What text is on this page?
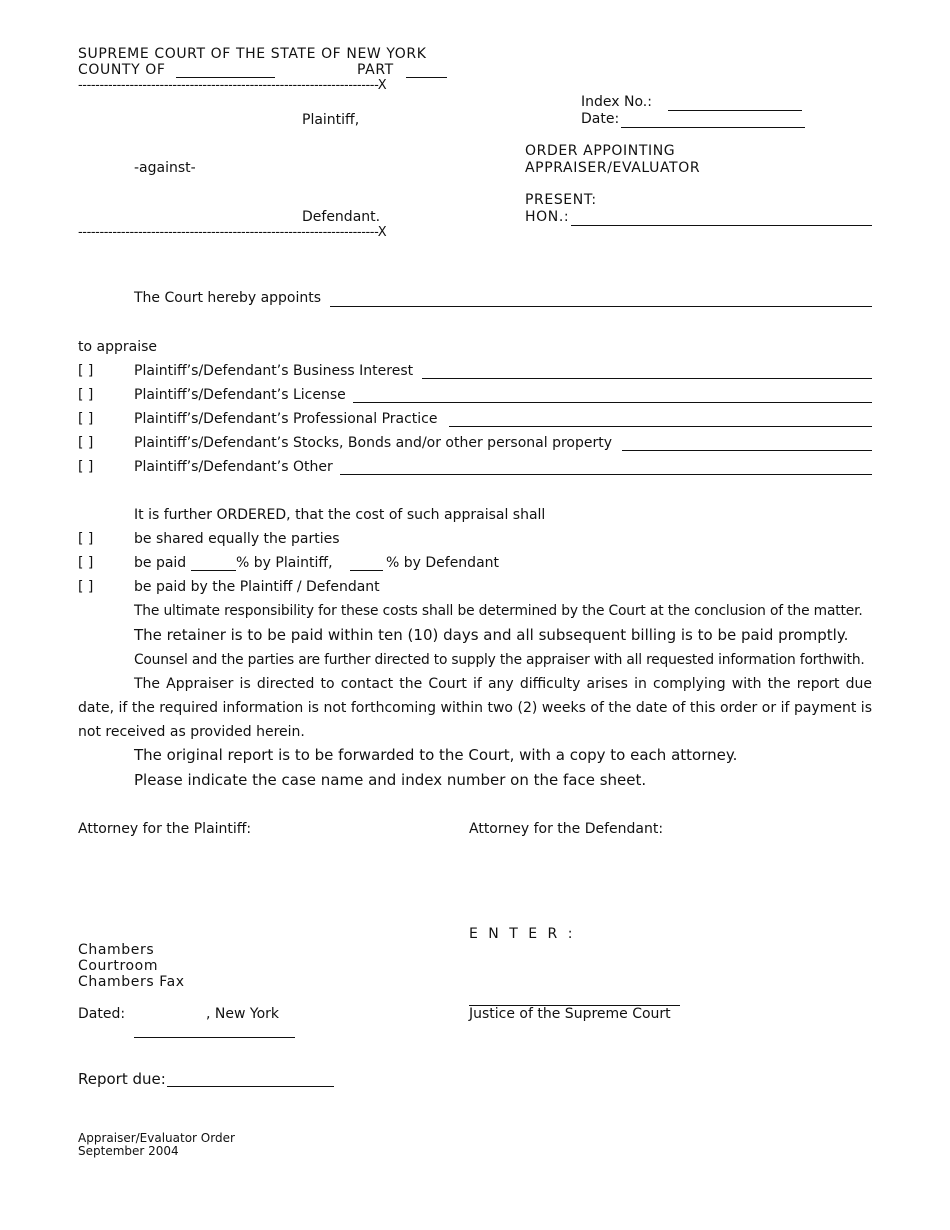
SUPREME COURT OF THE STATE OF NEW YORK
COUNTY OF	PART
----------------------------------------------------------------------X
Plaintiff,
-against-
Defendant.
----------------------------------------------------------------------X
Index No.:
Date:
ORDER APPOINTING
APPRAISER/EVALUATOR
PRESENT:
HON.:
The Court hereby appoints
to appraise
[ ]	Plaintiff’s/Defendant’s Business Interest
[ ]	Plaintiff’s/Defendant’s License
[ ]	Plaintiff’s/Defendant’s Professional Practice
[ ]	Plaintiff’s/Defendant’s Stocks, Bonds and/or other personal property
[ ]	Plaintiff’s/Defendant’s Other
It is further ORDERED, that the cost of such appraisal shall
[ ]	be shared equally the parties
[ ]	be paid	% by Plaintiff,	% by Defendant
[ ]	be paid by the Plaintiff / Defendant
The ultimate responsibility for these costs shall be determined by the Court at the conclusion of the matter.
The retainer is to be paid within ten (10) days and all subsequent billing is to be paid promptly.
Counsel and the parties are further directed to supply the appraiser with all requested information forthwith.
The Appraiser is directed to contact the Court if any difficulty arises in complying with the report due date, if the required information is not forthcoming within two (2) weeks of the date of this order or if payment is not received as provided herein.
The original report is to be forwarded to the Court, with a copy to each attorney.
Please indicate the case name and index number on the face sheet.
Attorney for the Plaintiff:	Attorney for the Defendant:
E N T E R :
Chambers
Courtroom
Chambers Fax
Justice of the Supreme Court
Dated:	, New York
Report due:
Appraiser/Evaluator Order
September 2004
